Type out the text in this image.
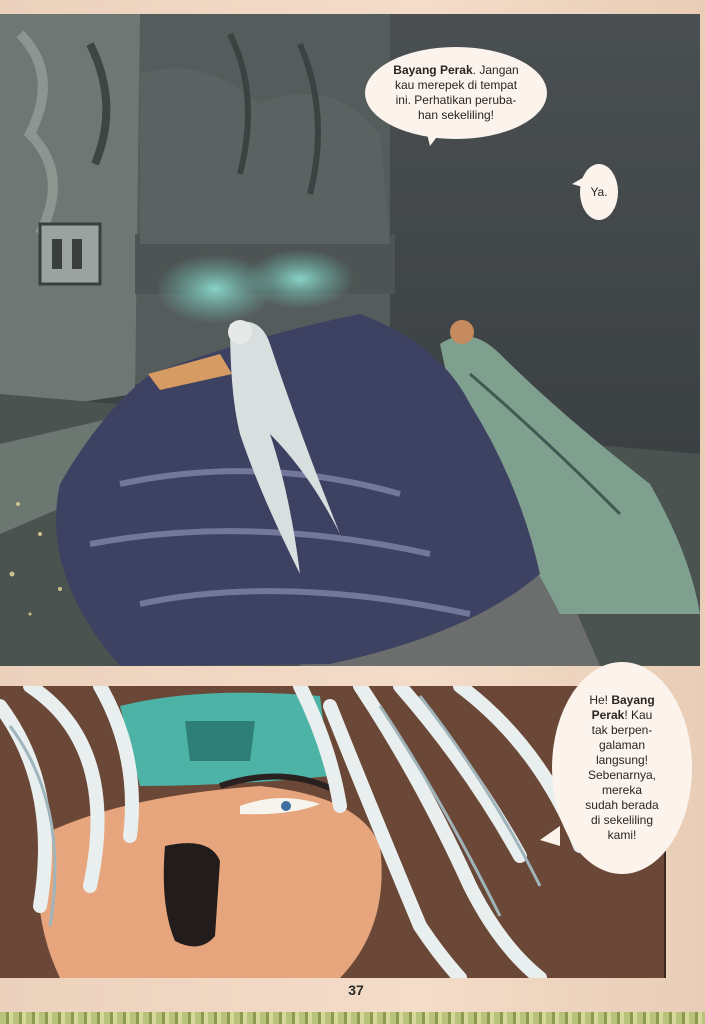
Bayang Perak. Jangan
kau merepek di tempat
ini. Perhatikan peruba-
han sekeliling!
Ya.
He! Bayang
Perak! Kau
tak berpen-
galaman
langsung!
Sebenarnya,
mereka
sudah berada
di sekeliling
kami!
37
